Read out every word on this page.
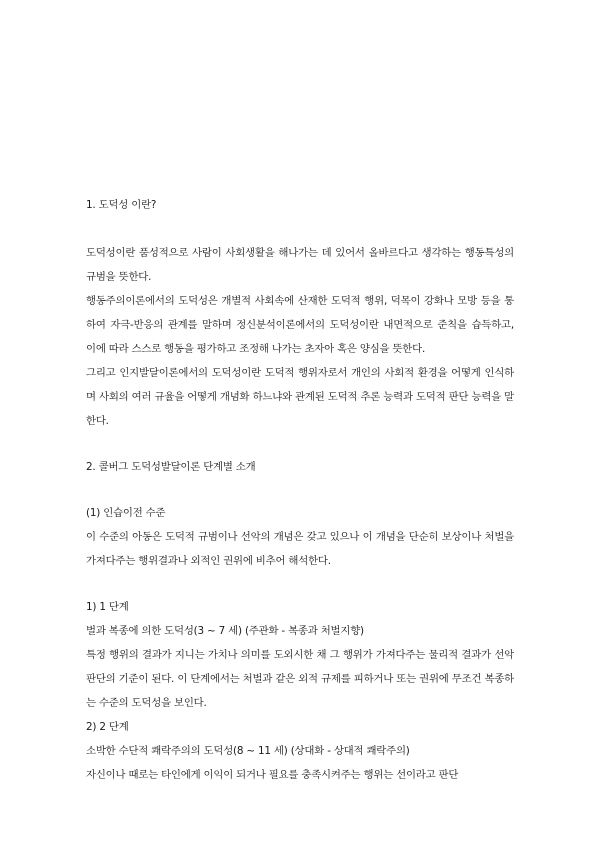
1. 도덕성 이란?

도덕성이란 품성적으로 사람이 사회생활을 해나가는 데 있어서 올바르다고 생각하는 행동특성의 규범을 뜻한다.

행동주의이론에서의 도덕성은 개별적 사회속에 산재한 도덕적 행위, 덕목이 강화나 모방 등을 통하여 자극-반응의 관계를 말하며 정신분석이론에서의 도덕성이란 내면적으로 준칙을 습득하고, 이에 따라 스스로 행동을 평가하고 조정해 나가는 초자아 혹은 양심을 뜻한다.

그리고 인지발달이론에서의 도덕성이란 도덕적 행위자로서 개인의 사회적 환경을 어떻게 인식하며 사회의 여러 규율을 어떻게 개념화 하느냐와 관계된 도덕적 추론 능력과 도덕적 판단 능력을 말한다.

2. 콜버그 도덕성발달이론 단계별 소개

(1) 인습이전 수준

이 수준의 아동은 도덕적 규범이나 선악의 개념은 갖고 있으나 이 개념을 단순히 보상이나 처벌을 가져다주는 행위결과나 외적인 권위에 비추어 해석한다.

1) 1 단계

벌과 복종에 의한 도덕성(3 ~ 7 세) (주관화 - 복종과 처벌지향)

특정 행위의 결과가 지니는 가치나 의미를 도외시한 채 그 행위가 가져다주는 물리적 결과가 선악판단의 기준이 된다. 이 단계에서는 처벌과 같은 외적 규제를 피하거나 또는 권위에 무조건 복종하는 수준의 도덕성을 보인다.

2) 2 단계

소박한 수단적 쾌락주의의 도덕성(8 ~ 11 세) (상대화 - 상대적 쾌락주의)

자신이나 때로는 타인에게 이익이 되거나 필요를 충족시켜주는 행위는 선이라고 판단
